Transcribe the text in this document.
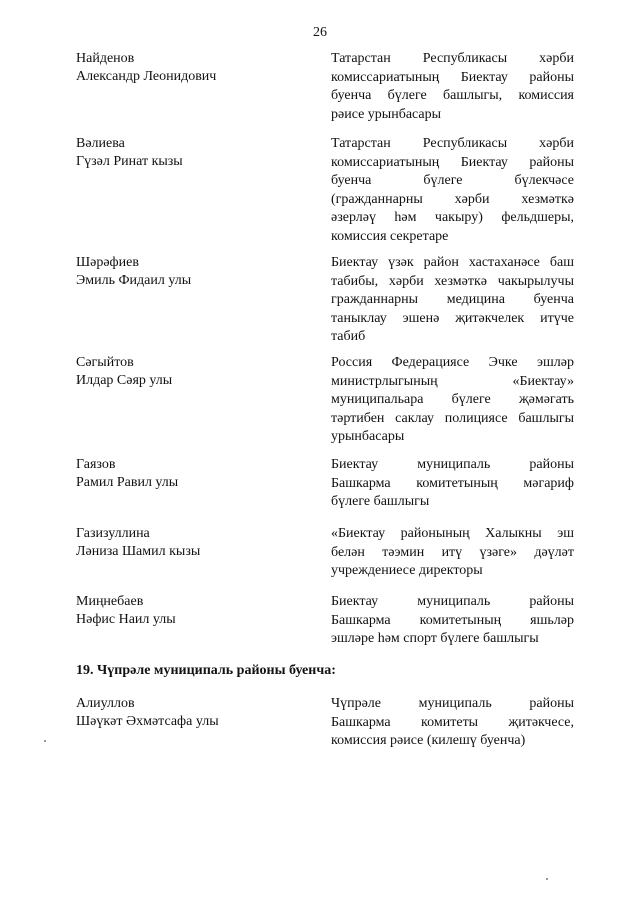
26
Найденов
Александр Леонидович
Татарстан Республикасы хәрби
комиссариатының Биектау районы
буенча бүлеге башлыгы, комиссия
рәисе урынбасары
Вәлиева
Гүзәл Ринат кызы
Татарстан Республикасы хәрби
комиссариатының Биектау районы
буенча бүлеге бүлекчәсе
(гражданнарны хәрби хезмәткә
әзерләү һәм чакыру) фельдшеры,
комиссия секретаре
Шәрәфиев
Эмиль Фидаил улы
Биектау үзәк район хастаханәсе баш
табибы, хәрби хезмәткә чакырылучы
гражданнарны медицина буенча
таныклау эшенә җитәкчелек итүче
табиб
Сәгыйтов
Илдар Сәяр улы
Россия Федерациясе Эчке эшләр
министрлыгының «Биектау»
муниципальара бүлеге җәмәгать
тәртибен саклау полициясе башлыгы
урынбасары
Гаязов
Рамил Равил улы
Биектау муниципаль районы
Башкарма комитетының мәгариф
бүлеге башлыгы
Газизуллина
Ләниза Шамил кызы
«Биектау районының Халыкны эш
белән тәэмин итү үзәге» дәүләт
учреждениесе директоры
Миңнебаев
Нәфис Наил улы
Биектау муниципаль районы
Башкарма комитетының яшьләр
эшләре һәм спорт бүлеге башлыгы
19. Чүпрәле муниципаль районы буенча:
Алиуллов
Шәүкәт Әхмәтсафа улы
Чүпрәле муниципаль районы
Башкарма комитеты җитәкчесе,
комиссия рәисе (килешү буенча)
